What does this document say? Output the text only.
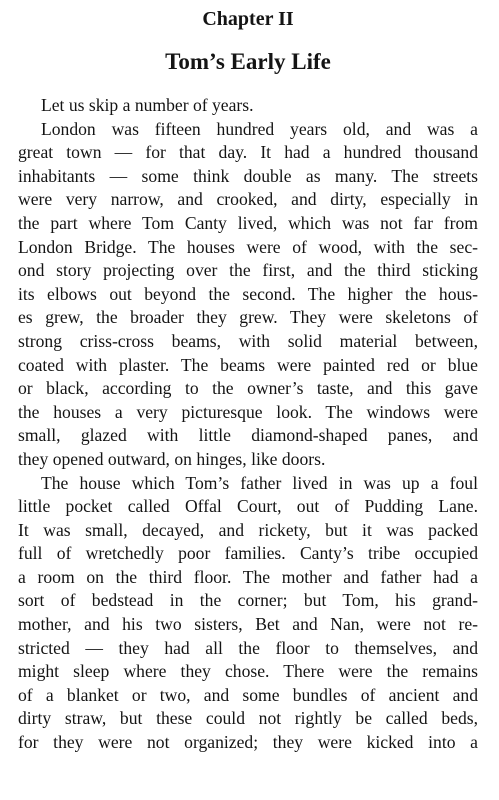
Chapter II
Tom’s Early Life
Let us skip a number of years.
London was fifteen hundred years old, and was a
great town — for that day. It had a hundred thousand
inhabitants — some think double as many. The streets
were very narrow, and crooked, and dirty, especially in
the part where Tom Canty lived, which was not far from
London Bridge. The houses were of wood, with the sec-
ond story projecting over the first, and the third sticking
its elbows out beyond the second. The higher the hous-
es grew, the broader they grew. They were skeletons of
strong criss-cross beams, with solid material between,
coated with plaster. The beams were painted red or blue
or black, according to the owner’s taste, and this gave
the houses a very picturesque look. The windows were
small, glazed with little diamond-shaped panes, and
they opened outward, on hinges, like doors.
The house which Tom’s father lived in was up a foul
little pocket called Offal Court, out of Pudding Lane.
It was small, decayed, and rickety, but it was packed
full of wretchedly poor families. Canty’s tribe occupied
a room on the third floor. The mother and father had a
sort of bedstead in the corner; but Tom, his grand-
mother, and his two sisters, Bet and Nan, were not re-
stricted — they had all the floor to themselves, and
might sleep where they chose. There were the remains
of a blanket or two, and some bundles of ancient and
dirty straw, but these could not rightly be called beds,
for they were not organized; they were kicked into a
